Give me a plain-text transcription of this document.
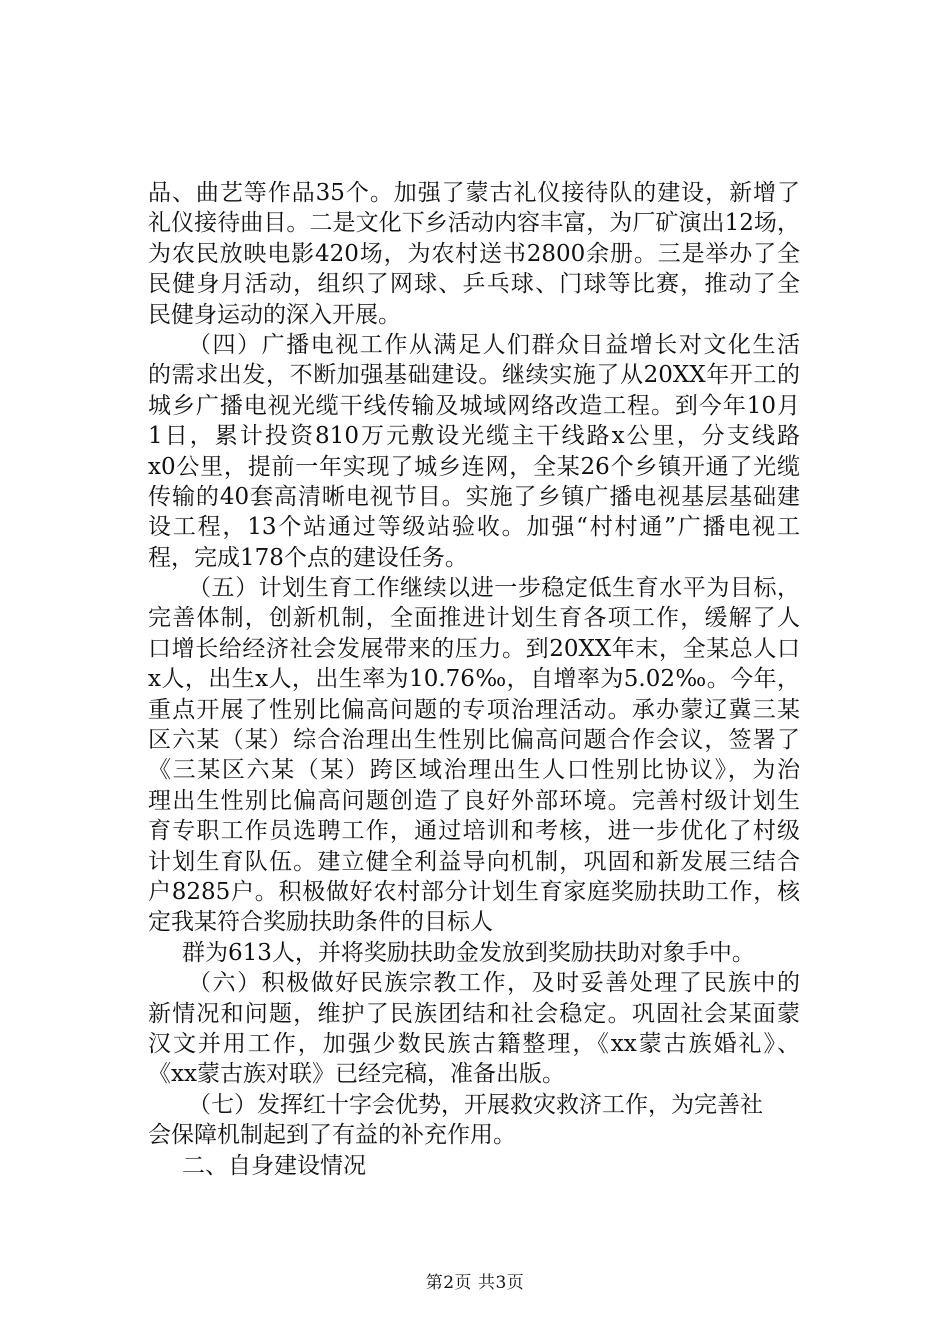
品、曲艺等作品35个。加强了蒙古礼仪接待队的建设，新增了
礼仪接待曲目。二是文化下乡活动内容丰富，为厂矿演出12场，
为农民放映电影420场，为农村送书2800余册。三是举办了全
民健身月活动，组织了网球、乒乓球、门球等比赛，推动了全
民健身运动的深入开展。
（四）广播电视工作从满足人们群众日益增长对文化生活
的需求出发，不断加强基础建设。继续实施了从20XX年开工的
城乡广播电视光缆干线传输及城域网络改造工程。到今年10月
1日，累计投资810万元敷设光缆主干线路x公里，分支线路
x0公里，提前一年实现了城乡连网，全某26个乡镇开通了光缆
传输的40套高清晰电视节目。实施了乡镇广播电视基层基础建
设工程，13个站通过等级站验收。加强“村村通”广播电视工
程，完成178个点的建设任务。
（五）计划生育工作继续以进一步稳定低生育水平为目标，
完善体制，创新机制，全面推进计划生育各项工作，缓解了人
口增长给经济社会发展带来的压力。到20XX年末，全某总人口
x人，出生x人，出生率为10.76‰，自增率为5.02‰。今年，
重点开展了性别比偏高问题的专项治理活动。承办蒙辽冀三某
区六某（某）综合治理出生性别比偏高问题合作会议，签署了
《三某区六某（某）跨区域治理出生人口性别比协议》，为治
理出生性别比偏高问题创造了良好外部环境。完善村级计划生
育专职工作员选聘工作，通过培训和考核，进一步优化了村级
计划生育队伍。建立健全利益导向机制，巩固和新发展三结合
户8285户。积极做好农村部分计划生育家庭奖励扶助工作，核
定我某符合奖励扶助条件的目标人
群为613人，并将奖励扶助金发放到奖励扶助对象手中。
（六）积极做好民族宗教工作，及时妥善处理了民族中的
新情况和问题，维护了民族团结和社会稳定。巩固社会某面蒙
汉文并用工作，加强少数民族古籍整理，《xx蒙古族婚礼》、
《xx蒙古族对联》已经完稿，准备出版。
（七）发挥红十字会优势，开展救灾救济工作，为完善社
会保障机制起到了有益的补充作用。
二、自身建设情况
第2页 共3页
